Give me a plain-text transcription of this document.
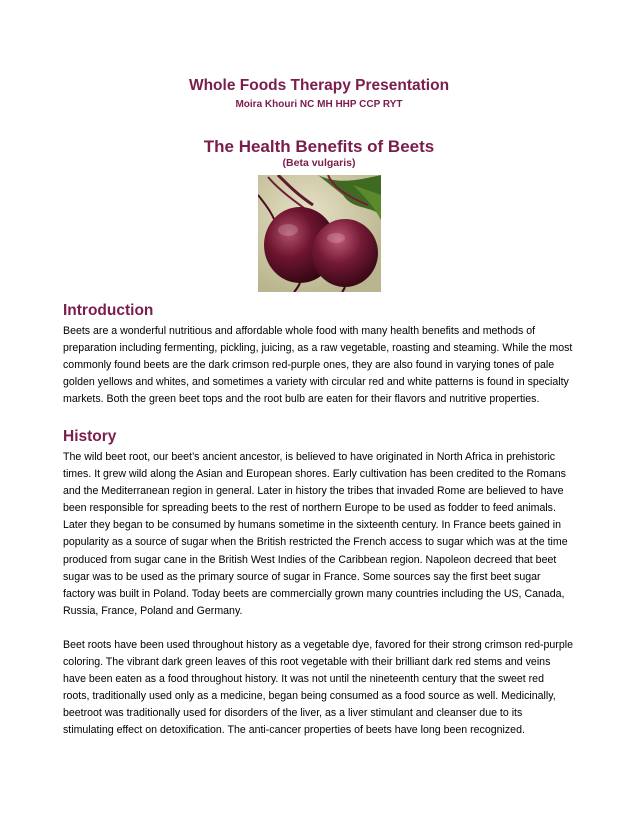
Whole Foods Therapy Presentation
Moira Khouri NC MH HHP CCP RYT
The Health Benefits of Beets
(Beta vulgaris)
Introduction

Beets are a wonderful nutritious and affordable whole food with many health benefits and methods of preparation including fermenting, pickling, juicing, as a raw vegetable, roasting and steaming. While the most commonly found beets are the dark crimson red-purple ones, they are also found in varying tones of pale golden yellows and whites, and sometimes a variety with circular red and white patterns is found in specialty markets. Both the green beet tops and the root bulb are eaten for their flavors and nutritive properties.

History

The wild beet root, our beet’s ancient ancestor, is believed to have originated in North Africa in prehistoric times. It grew wild along the Asian and European shores. Early cultivation has been credited to the Romans and the Mediterranean region in general. Later in history the tribes that invaded Rome are believed to have been responsible for spreading beets to the rest of northern Europe to be used as fodder to feed animals. Later they began to be consumed by humans sometime in the sixteenth century. In France beets gained in popularity as a source of sugar when the British restricted the French access to sugar which was at the time produced from sugar cane in the British West Indies of the Caribbean region. Napoleon decreed that beet sugar was to be used as the primary source of sugar in France. Some sources say the first beet sugar factory was built in Poland. Today beets are commercially grown many countries including the US, Canada, Russia, France, Poland and Germany.

Beet roots have been used throughout history as a vegetable dye, favored for their strong crimson red-purple coloring. The vibrant dark green leaves of this root vegetable with their brilliant dark red stems and veins have been eaten as a food throughout history. It was not until the nineteenth century that the sweet red roots, traditionally used only as a medicine, began being consumed as a food source as well. Medicinally, beetroot was traditionally used for disorders of the liver, as a liver stimulant and cleanser due to its stimulating effect on detoxification. The anti-cancer properties of beets have long been recognized.
